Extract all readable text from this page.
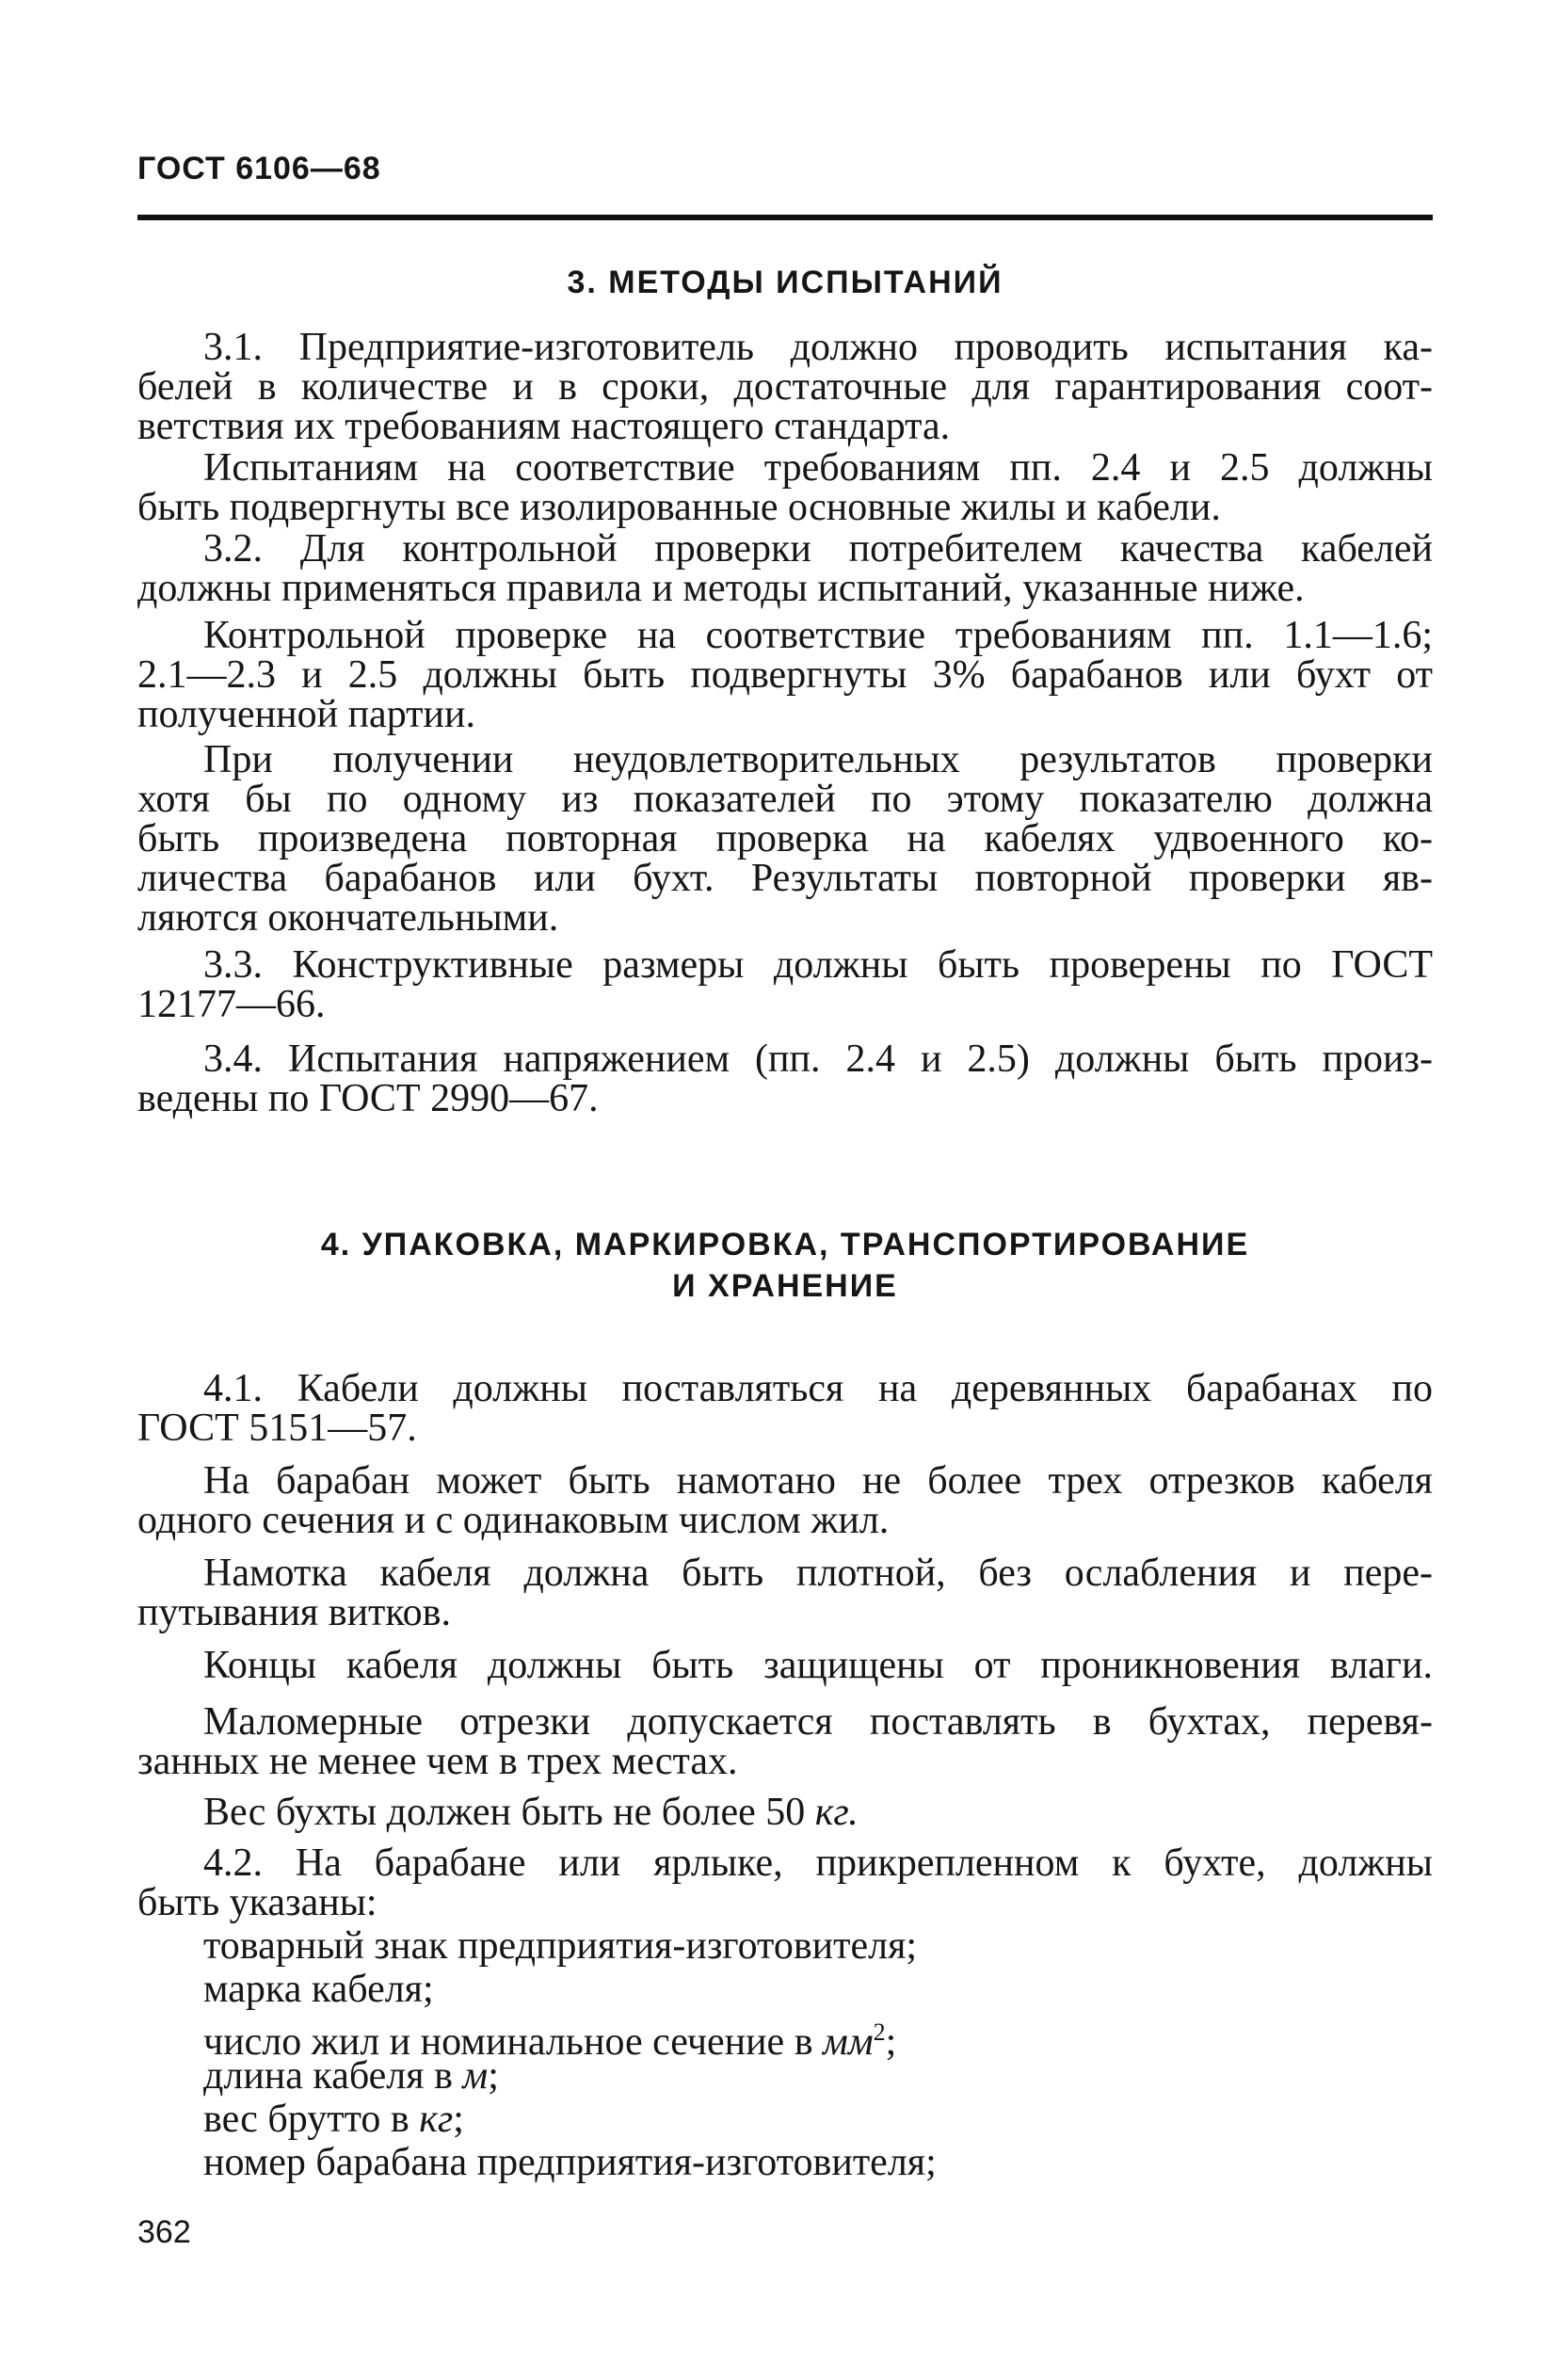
ГОСТ 6106—68
3. МЕТОДЫ ИСПЫТАНИЙ
3.1. Предприятие-изготовитель должно проводить испытания ка-
белей в количестве и в сроки, достаточные для гарантирования соот-
ветствия их требованиям настоящего стандарта.
Испытаниям на соответствие требованиям пп. 2.4 и 2.5 должны
быть подвергнуты все изолированные основные жилы и кабели.
3.2. Для контрольной проверки потребителем качества кабелей
должны применяться правила и методы испытаний, указанные ниже.
Контрольной проверке на соответствие требованиям пп. 1.1—1.6;
2.1—2.3 и 2.5 должны быть подвергнуты 3% барабанов или бухт от
полученной партии.
При получении неудовлетворительных результатов проверки
хотя бы по одному из показателей по этому показателю должна
быть произведена повторная проверка на кабелях удвоенного ко-
личества барабанов или бухт. Результаты повторной проверки яв-
ляются окончательными.
3.3. Конструктивные размеры должны быть проверены по ГОСТ
12177—66.
3.4. Испытания напряжением (пп. 2.4 и 2.5) должны быть произ-
ведены по ГОСТ 2990—67.
4. УПАКОВКА, МАРКИРОВКА, ТРАНСПОРТИРОВАНИЕ
И ХРАНЕНИЕ
4.1. Кабели должны поставляться на деревянных барабанах по
ГОСТ 5151—57.
На барабан может быть намотано не более трех отрезков кабеля
одного сечения и с одинаковым числом жил.
Намотка кабеля должна быть плотной, без ослабления и пере-
путывания витков.
Концы кабеля должны быть защищены от проникновения влаги.
Маломерные отрезки допускается поставлять в бухтах, перевя-
занных не менее чем в трех местах.
Вес бухты должен быть не более 50 кг.
4.2. На барабане или ярлыке, прикрепленном к бухте, должны
быть указаны:
товарный знак предприятия-изготовителя;
марка кабеля;
число жил и номинальное сечение в $мм^2$;
длина кабеля в м;
вес брутто в кг;
номер барабана предприятия-изготовителя;
362
